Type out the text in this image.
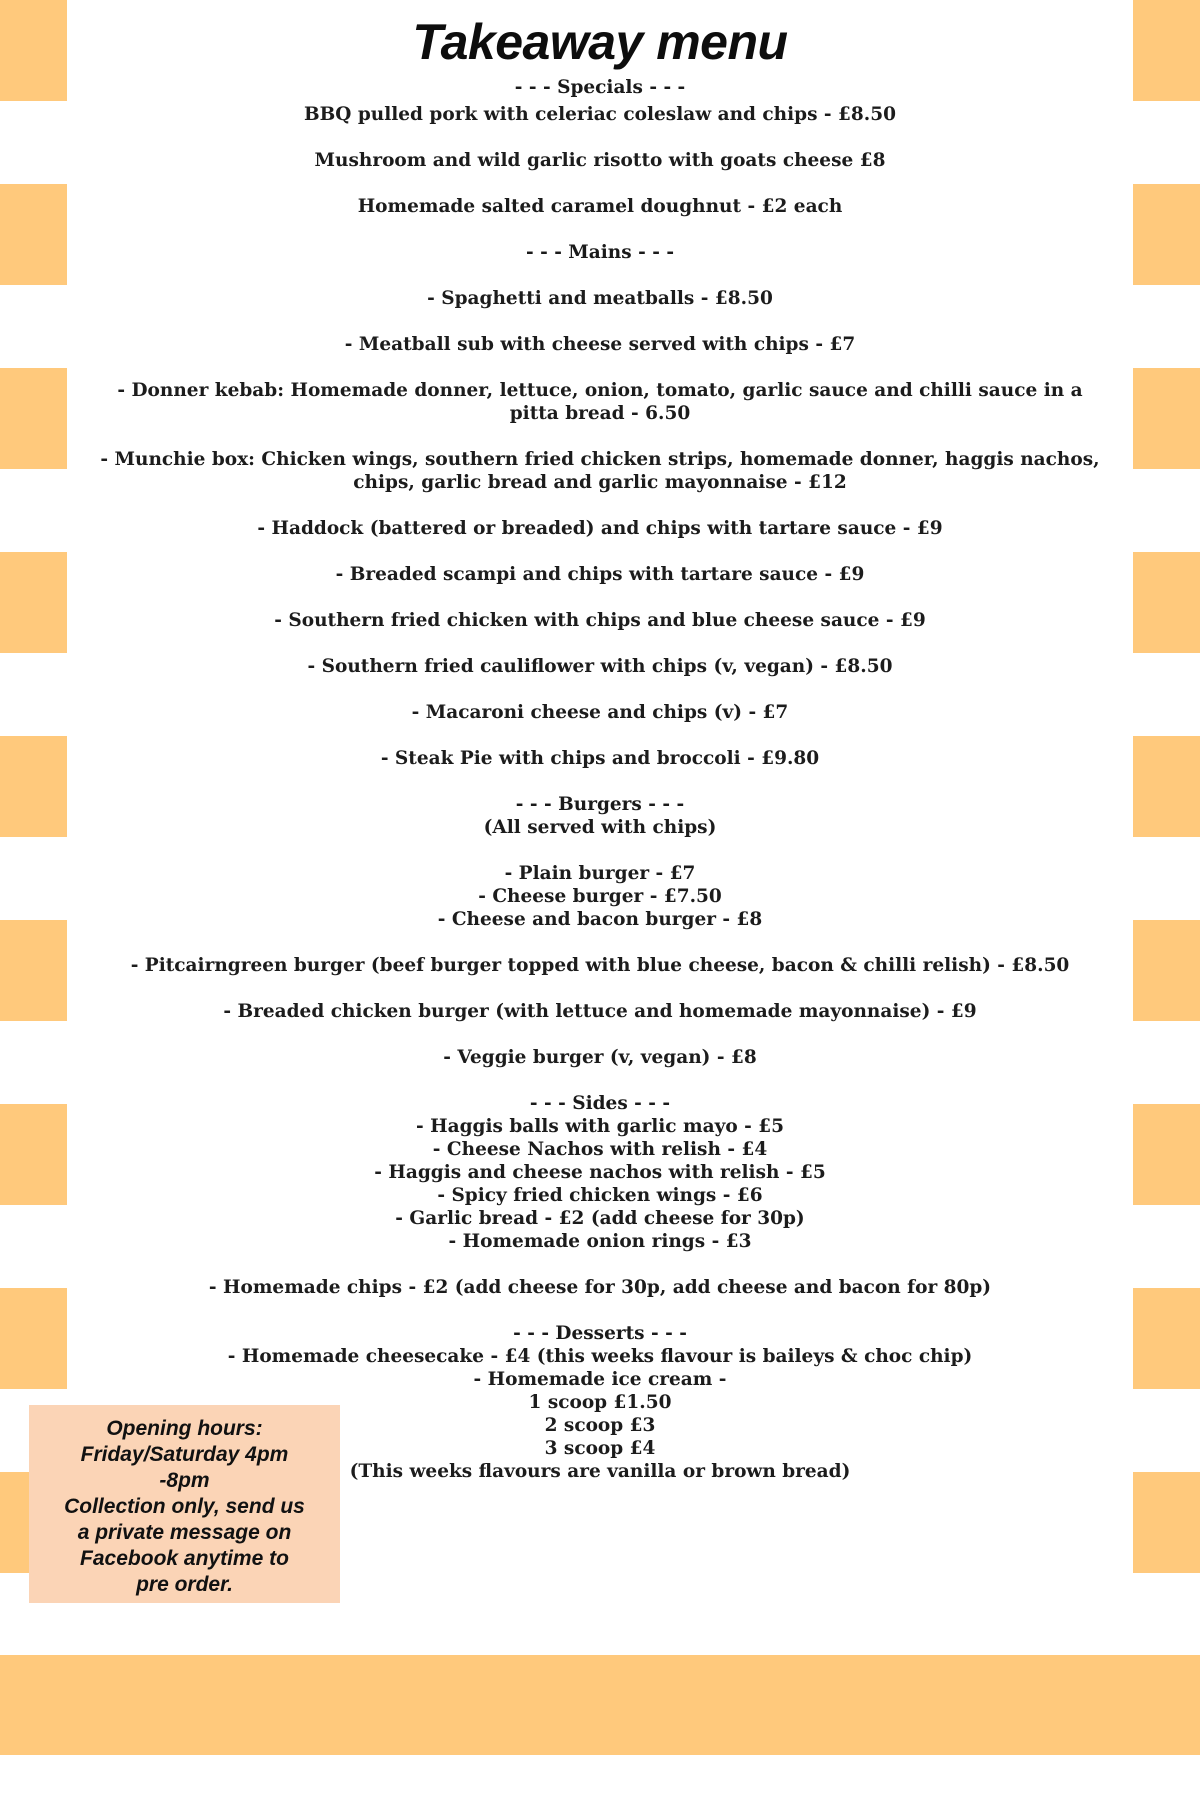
Takeaway menu
- - - Specials - - -
BBQ pulled pork with celeriac coleslaw and chips - £8.50
Mushroom and wild garlic risotto with goats cheese £8
Homemade salted caramel doughnut - £2 each
- - - Mains - - -
- Spaghetti and meatballs - £8.50
- Meatball sub with cheese served with chips - £7
- Donner kebab: Homemade donner, lettuce, onion, tomato, garlic sauce and chilli sauce in a pitta bread - 6.50
- Munchie box: Chicken wings, southern fried chicken strips, homemade donner, haggis nachos, chips, garlic bread and garlic mayonnaise - £12
- Haddock (battered or breaded) and chips with tartare sauce - £9
- Breaded scampi and chips with tartare sauce - £9
- Southern fried chicken with chips and blue cheese sauce - £9
- Southern fried cauliflower with chips (v, vegan) - £8.50
- Macaroni cheese and chips (v) - £7
- Steak Pie with chips and broccoli - £9.80
- - - Burgers - - -
(All served with chips)
- Plain burger - £7
- Cheese burger - £7.50
- Cheese and bacon burger - £8
- Pitcairngreen burger (beef burger topped with blue cheese, bacon & chilli relish) - £8.50
- Breaded chicken burger (with lettuce and homemade mayonnaise) - £9
- Veggie burger (v, vegan) - £8
- - - Sides - - -
- Haggis balls with garlic mayo - £5
- Cheese Nachos with relish - £4
- Haggis and cheese nachos with relish - £5
- Spicy fried chicken wings - £6
- Garlic bread - £2 (add cheese for 30p)
- Homemade onion rings - £3
- Homemade chips - £2 (add cheese for 30p, add cheese and bacon for 80p)
- - - Desserts - - -
- Homemade cheesecake - £4 (this weeks flavour is baileys & choc chip)
- Homemade ice cream -
1 scoop £1.50
2 scoop £3
3 scoop £4
(This weeks flavours are vanilla or brown bread)
Opening hours:
Friday/Saturday 4pm
-8pm
Collection only, send us
a private message on
Facebook anytime to
pre order.
